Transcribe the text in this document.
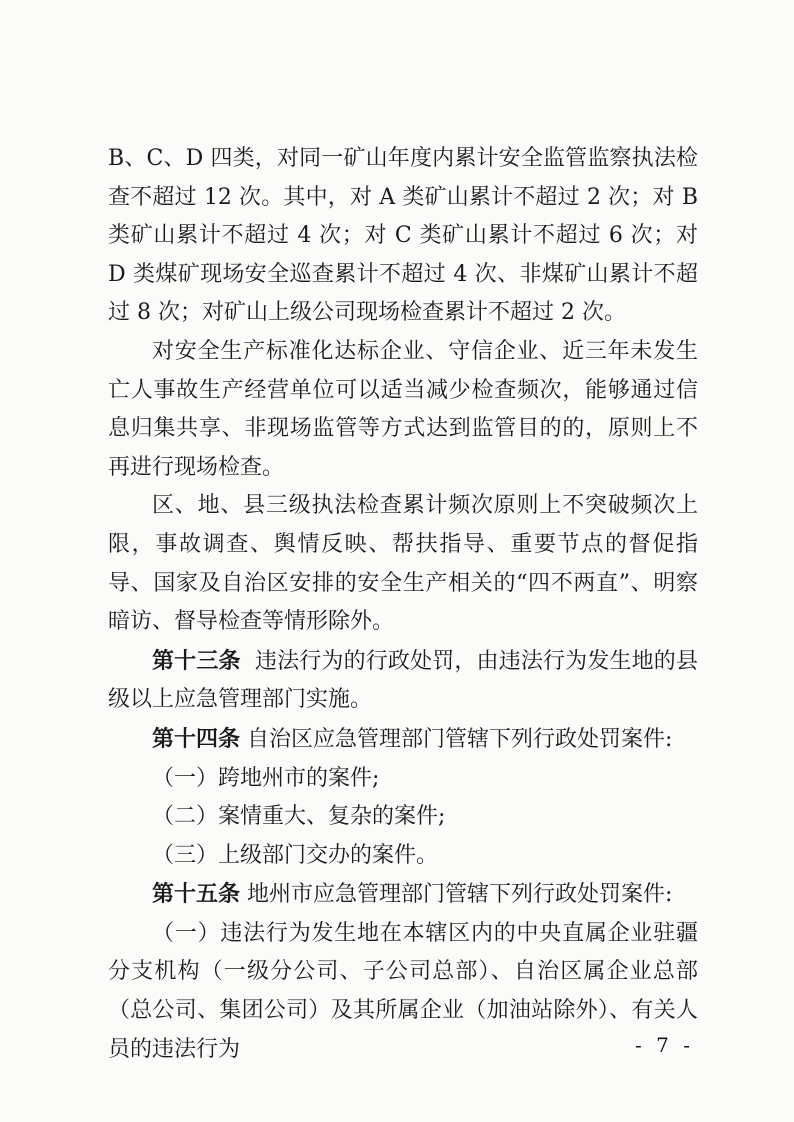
B、C、D 四类，对同一矿山年度内累计安全监管监察执法检查不超过 12 次。其中，对 A 类矿山累计不超过 2 次；对 B 类矿山累计不超过 4 次；对 C 类矿山累计不超过 6 次；对 D 类煤矿现场安全巡查累计不超过 4 次、非煤矿山累计不超过 8 次；对矿山上级公司现场检查累计不超过 2 次。

对安全生产标准化达标企业、守信企业、近三年未发生亡人事故生产经营单位可以适当减少检查频次，能够通过信息归集共享、非现场监管等方式达到监管目的的，原则上不再进行现场检查。

区、地、县三级执法检查累计频次原则上不突破频次上限，事故调查、舆情反映、帮扶指导、重要节点的督促指导、国家及自治区安排的安全生产相关的“四不两直”、明察暗访、督导检查等情形除外。

第十三条 违法行为的行政处罚，由违法行为发生地的县级以上应急管理部门实施。

第十四条 自治区应急管理部门管辖下列行政处罚案件:

（一）跨地州市的案件;

（二）案情重大、复杂的案件;

（三）上级部门交办的案件。

第十五条 地州市应急管理部门管辖下列行政处罚案件:

（一）违法行为发生地在本辖区内的中央直属企业驻疆分支机构（一级分公司、子公司总部）、自治区属企业总部（总公司、集团公司）及其所属企业（加油站除外）、有关人员的违法行为	- 7 -
